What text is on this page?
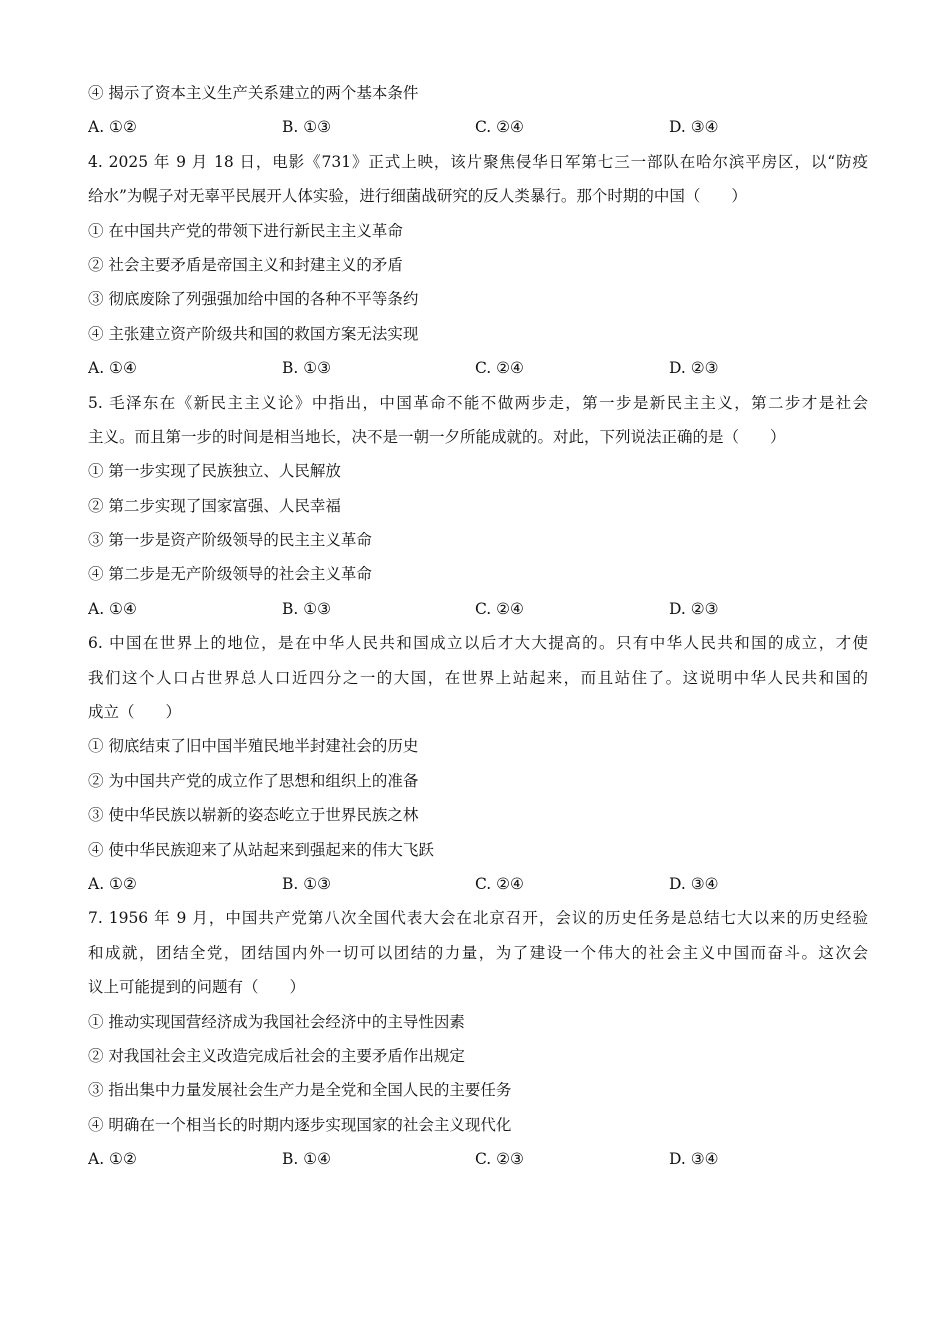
④ 揭示了资本主义生产关系建立的两个基本条件
A. ①②	B. ①③	C. ②④	D. ③④
4. 2025 年 9 月 18 日，电影《731》正式上映，该片聚焦侵华日军第七三一部队在哈尔滨平房区，以“防疫
给水”为幌子对无辜平民展开人体实验，进行细菌战研究的反人类暴行。那个时期的中国（　　）
① 在中国共产党的带领下进行新民主主义革命
② 社会主要矛盾是帝国主义和封建主义的矛盾
③ 彻底废除了列强强加给中国的各种不平等条约
④ 主张建立资产阶级共和国的救国方案无法实现
A. ①④	B. ①③	C. ②④	D. ②③
5. 毛泽东在《新民主主义论》中指出，中国革命不能不做两步走，第一步是新民主主义，第二步才是社会
主义。而且第一步的时间是相当地长，决不是一朝一夕所能成就的。对此，下列说法正确的是（　　）
① 第一步实现了民族独立、人民解放
② 第二步实现了国家富强、人民幸福
③ 第一步是资产阶级领导的民主主义革命
④ 第二步是无产阶级领导的社会主义革命
A. ①④	B. ①③	C. ②④	D. ②③
6. 中国在世界上的地位，是在中华人民共和国成立以后才大大提高的。只有中华人民共和国的成立，才使
我们这个人口占世界总人口近四分之一的大国，在世界上站起来，而且站住了。这说明中华人民共和国的
成立（　　）
① 彻底结束了旧中国半殖民地半封建社会的历史
② 为中国共产党的成立作了思想和组织上的准备
③ 使中华民族以崭新的姿态屹立于世界民族之林
④ 使中华民族迎来了从站起来到强起来的伟大飞跃
A. ①②	B. ①③	C. ②④	D. ③④
7. 1956 年 9 月，中国共产党第八次全国代表大会在北京召开，会议的历史任务是总结七大以来的历史经验
和成就，团结全党，团结国内外一切可以团结的力量，为了建设一个伟大的社会主义中国而奋斗。这次会
议上可能提到的问题有（　　）
① 推动实现国营经济成为我国社会经济中的主导性因素
② 对我国社会主义改造完成后社会的主要矛盾作出规定
③ 指出集中力量发展社会生产力是全党和全国人民的主要任务
④ 明确在一个相当长的时期内逐步实现国家的社会主义现代化
A. ①②	B. ①④	C. ②③	D. ③④
